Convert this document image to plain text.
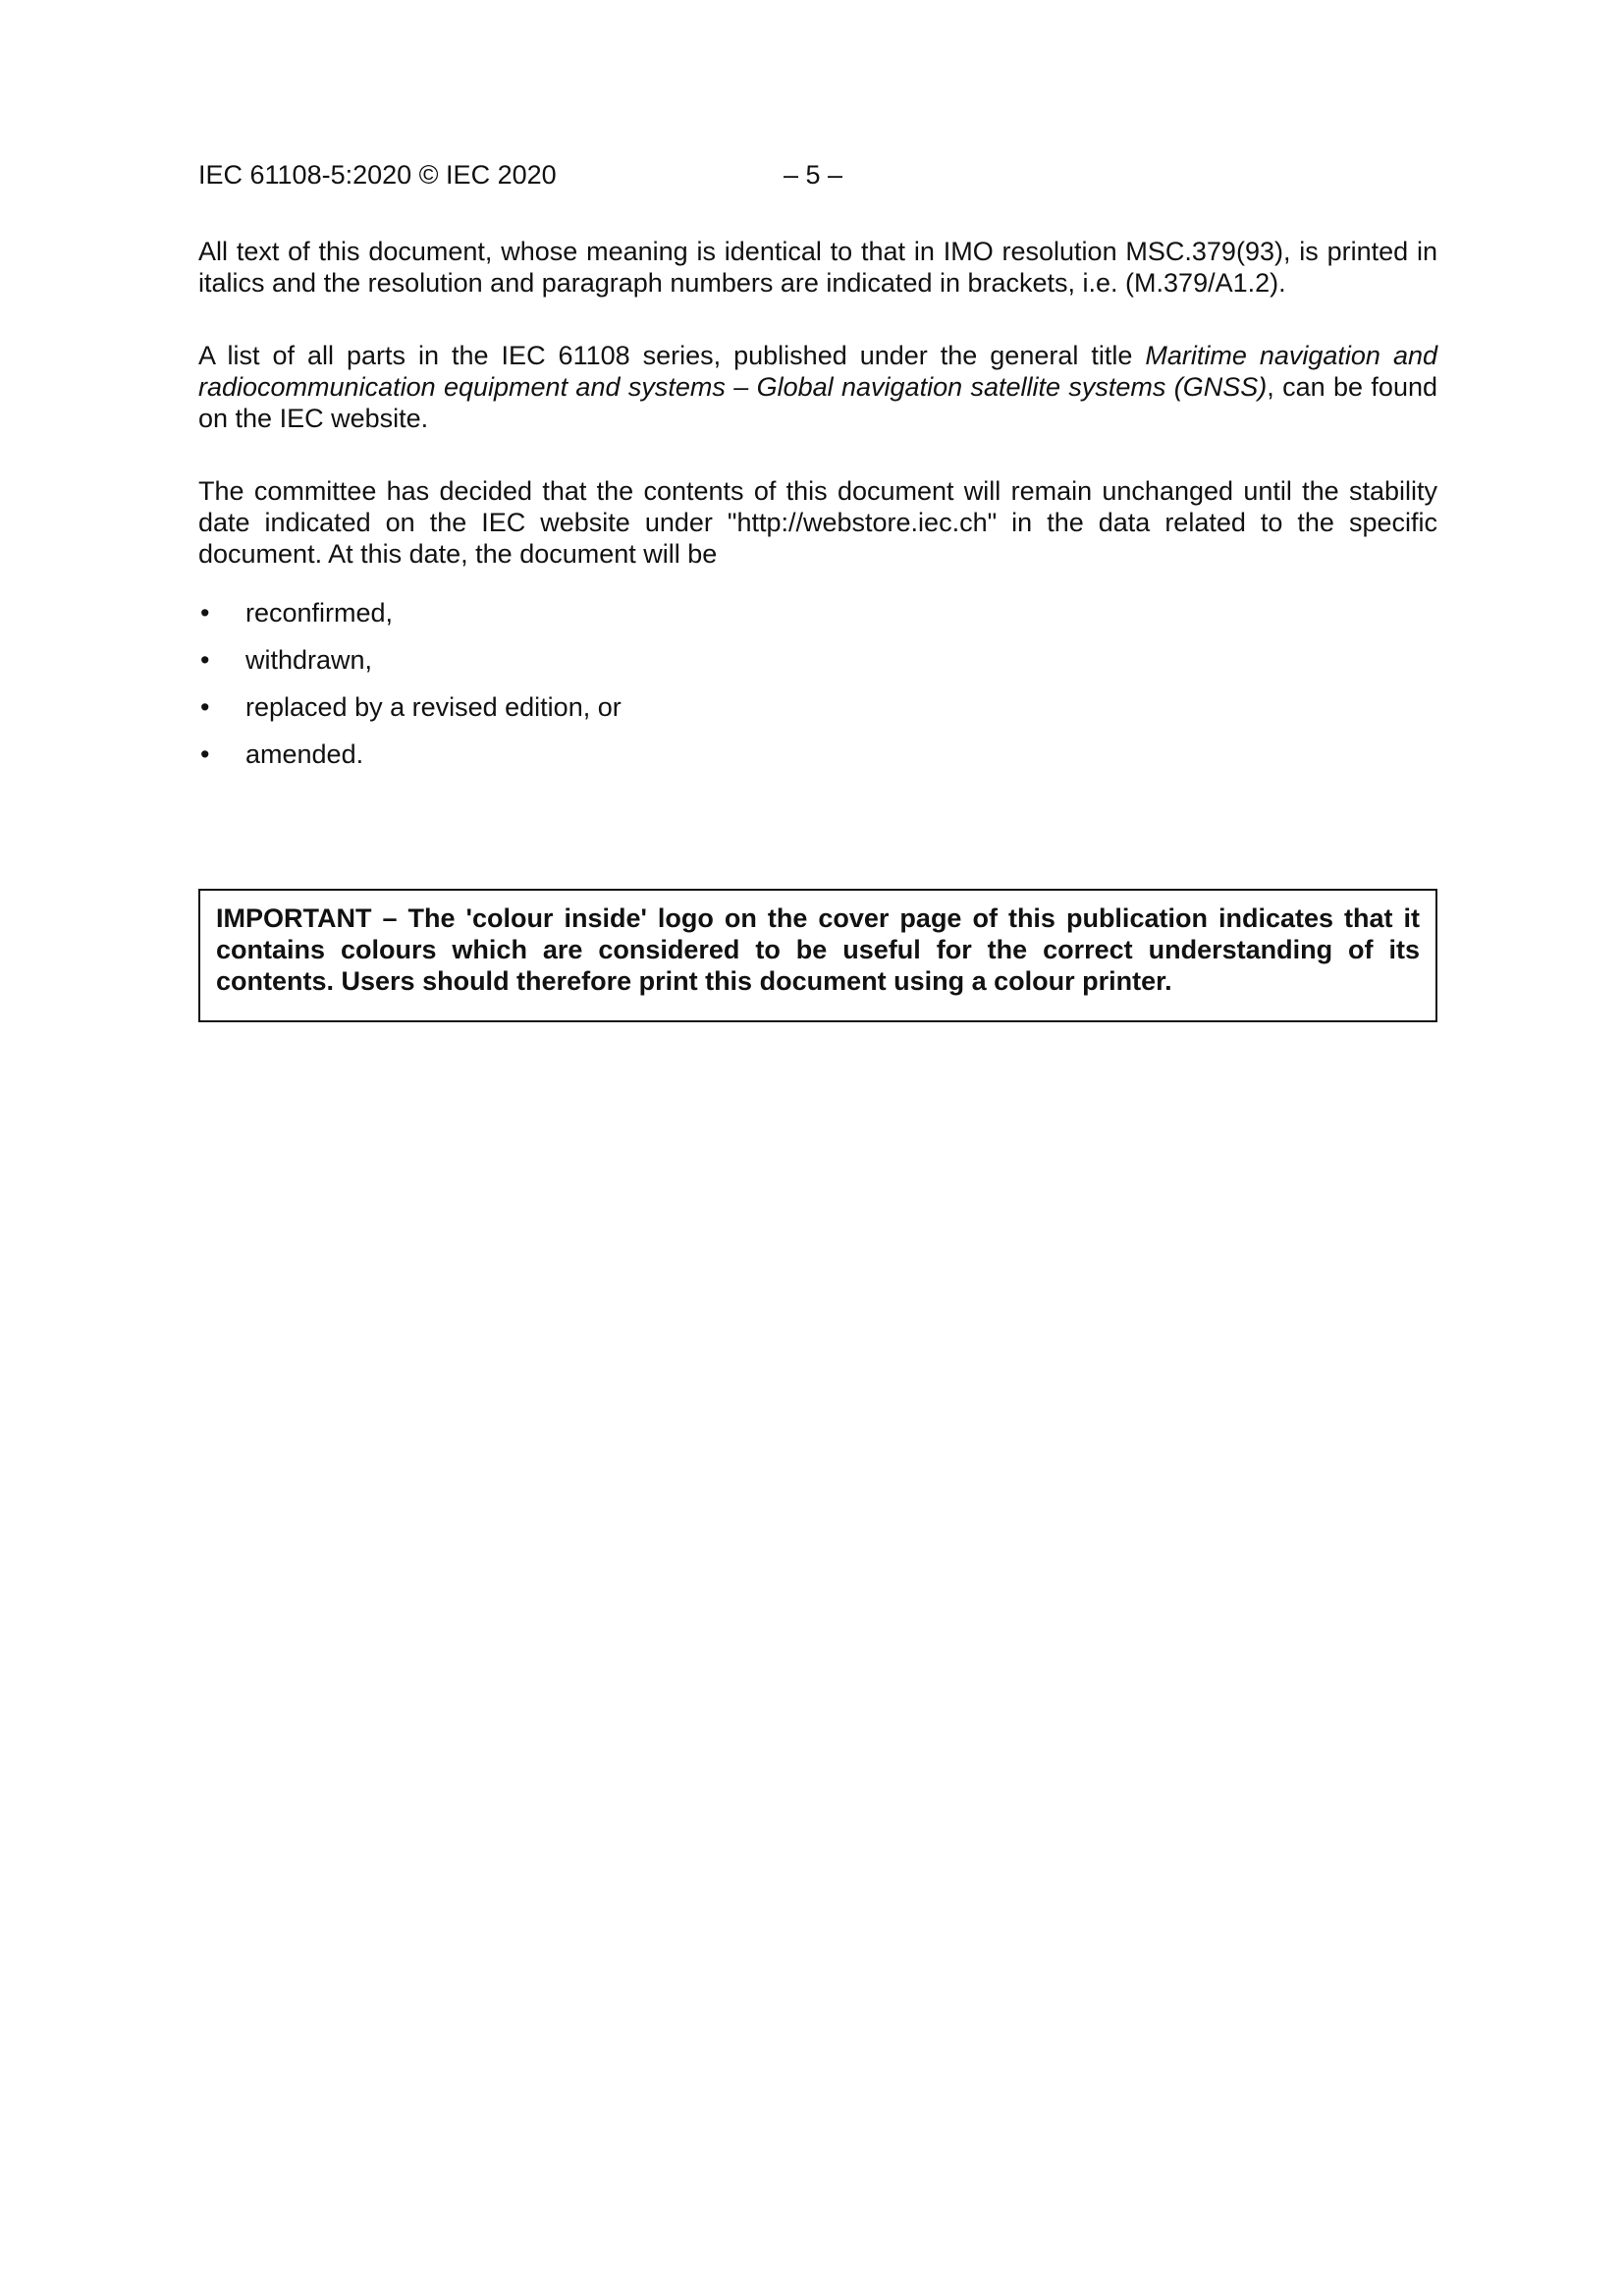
IEC 61108-5:2020 © IEC 2020	– 5 –

All text of this document, whose meaning is identical to that in IMO resolution MSC.379(93), is printed in italics and the resolution and paragraph numbers are indicated in brackets, i.e. (M.379/A1.2).

A list of all parts in the IEC 61108 series, published under the general title Maritime navigation and radiocommunication equipment and systems – Global navigation satellite systems (GNSS), can be found on the IEC website.

The committee has decided that the contents of this document will remain unchanged until the stability date indicated on the IEC website under "http://webstore.iec.ch" in the data related to the specific document. At this date, the document will be

• reconfirmed,
• withdrawn,
• replaced by a revised edition, or
• amended.
IMPORTANT – The 'colour inside' logo on the cover page of this publication indicates that it contains colours which are considered to be useful for the correct understanding of its contents. Users should therefore print this document using a colour printer.
